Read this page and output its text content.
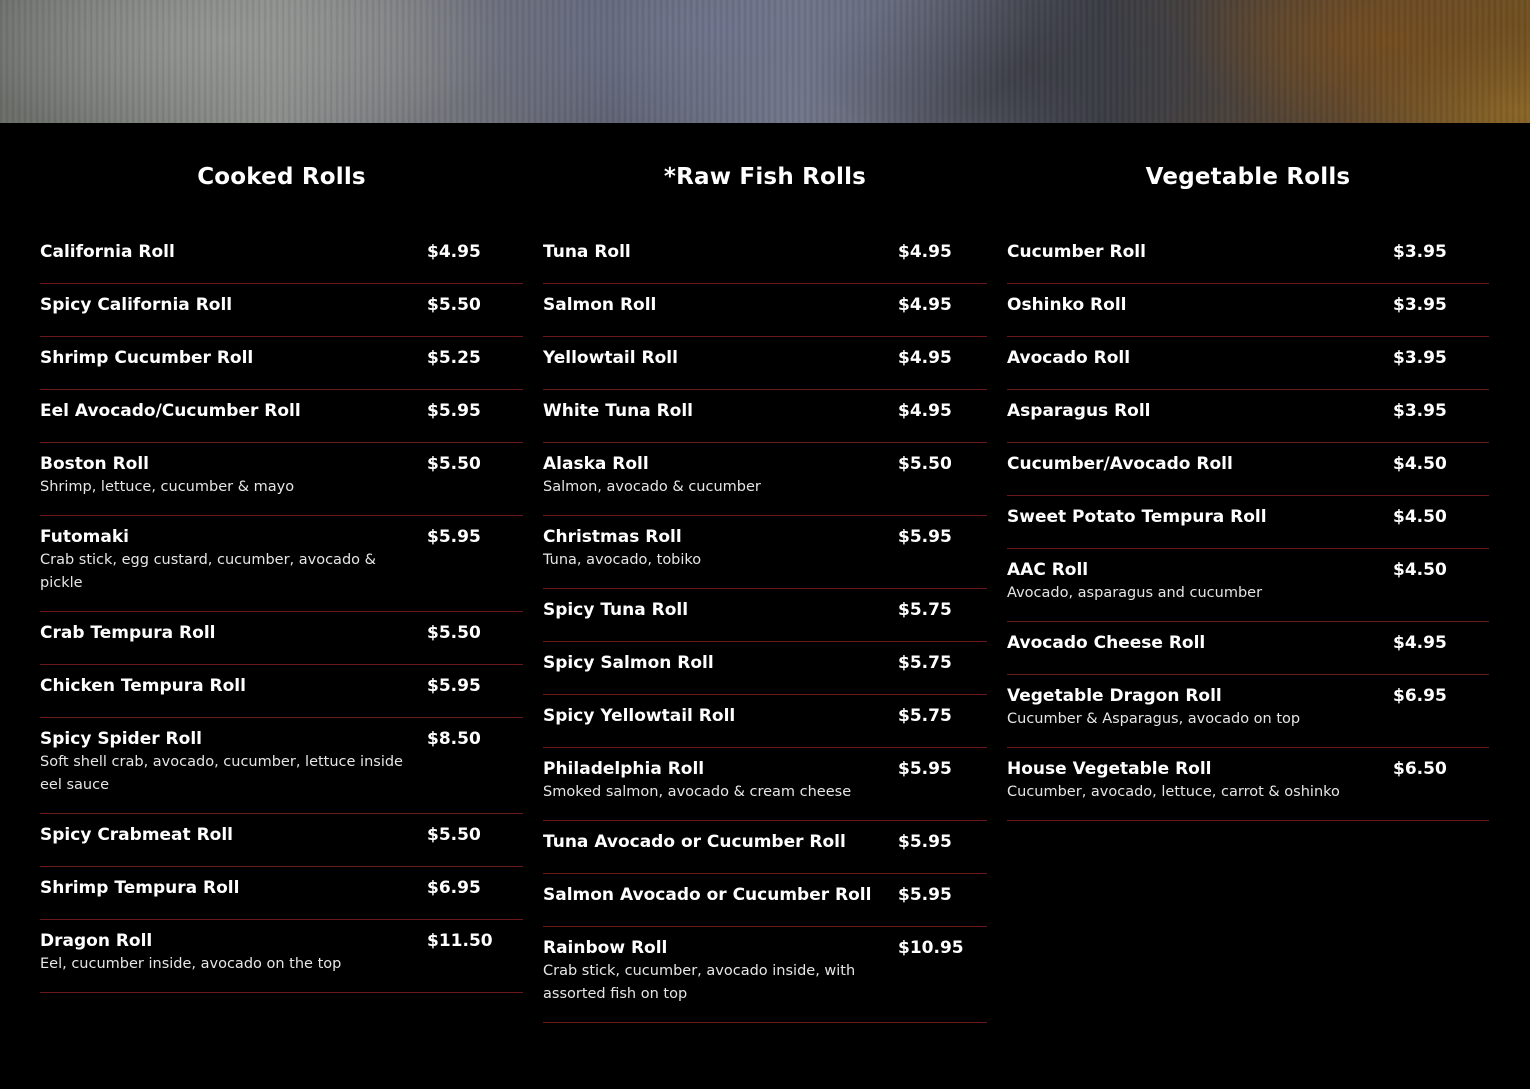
Cooked Rolls
California Roll	$4.95
Spicy California Roll	$5.50
Shrimp Cucumber Roll	$5.25
Eel Avocado/Cucumber Roll	$5.95
Boston Roll
Shrimp, lettuce, cucumber & mayo
$5.50
Futomaki
Crab stick, egg custard, cucumber, avocado & pickle
$5.95
Crab Tempura Roll	$5.50
Chicken Tempura Roll	$5.95
Spicy Spider Roll
Soft shell crab, avocado, cucumber, lettuce inside eel sauce
$8.50
Spicy Crabmeat Roll	$5.50
Shrimp Tempura Roll	$6.95
Dragon Roll
Eel, cucumber inside, avocado on the top
$11.50
*Raw Fish Rolls
Tuna Roll	$4.95
Salmon Roll	$4.95
Yellowtail Roll	$4.95
White Tuna Roll	$4.95
Alaska Roll
Salmon, avocado & cucumber
$5.50
Christmas Roll
Tuna, avocado, tobiko
$5.95
Spicy Tuna Roll	$5.75
Spicy Salmon Roll	$5.75
Spicy Yellowtail Roll	$5.75
Philadelphia Roll
Smoked salmon, avocado & cream cheese
$5.95
Tuna Avocado or Cucumber Roll	$5.95
Salmon Avocado or Cucumber Roll	$5.95
Rainbow Roll
Crab stick, cucumber, avocado inside, with assorted fish on top
$10.95
Vegetable Rolls
Cucumber Roll	$3.95
Oshinko Roll	$3.95
Avocado Roll	$3.95
Asparagus Roll	$3.95
Cucumber/Avocado Roll	$4.50
Sweet Potato Tempura Roll	$4.50
AAC Roll
Avocado, asparagus and cucumber
$4.50
Avocado Cheese Roll	$4.95
Vegetable Dragon Roll
Cucumber & Asparagus, avocado on top
$6.95
House Vegetable Roll
Cucumber, avocado, lettuce, carrot & oshinko
$6.50
